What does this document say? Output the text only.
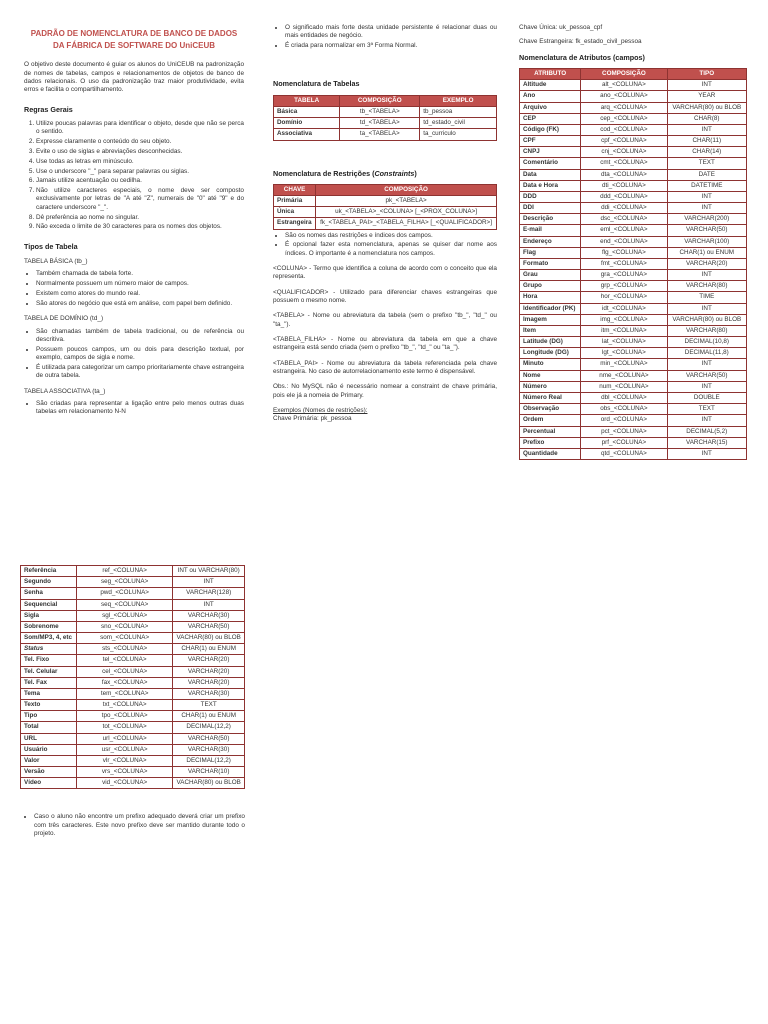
PADRÃO DE NOMENCLATURA DE BANCO DE DADOS
DA FÁBRICA DE SOFTWARE DO UniCEUB

O objetivo deste documento é guiar os alunos do UniCEUB na padronização de nomes de tabelas, campos e relacionamentos de objetos de banco de dados relacionais. O uso da padronização traz maior produtividade, evita erros e facilita o compartilhamento.

Regras Gerais
1. Utilize poucas palavras para identificar o objeto, desde que não se perca o sentido.
2. Expresse claramente o conteúdo do seu objeto.
3. Evite o uso de siglas e abreviações desconhecidas.
4. Use todas as letras em minúsculo.
5. Use o underscore "_" para separar palavras ou siglas.
6. Jamais utilize acentuação ou cedilha.
7. Não utilize caracteres especiais, o nome deve ser composto exclusivamente por letras de "A até "Z", numerais de "0" até "9" e do caractere underscore "_".
8. Dê preferência ao nome no singular.
9. Não exceda o limite de 30 caracteres para os nomes dos objetos.
Tipos de Tabela
TABELA BÁSICA (tb_)
• Também chamada de tabela forte.
• Normalmente possuem um número maior de campos.
• Existem como atores do mundo real.
• São atores do negócio que está em análise, com papel bem definido.
TABELA DE DOMÍNIO (td_)
• São chamadas também de tabela tradicional, ou de referência ou descritiva.
• Possuem poucos campos, um ou dois para descrição textual, por exemplo, campos de sigla e nome.
• É utilizada para categorizar um campo prioritariamente chave estrangeira de outra tabela.
TABELA ASSOCIATIVA (ta_)
• São criadas para representar a ligação entre pelo menos outras duas tabelas em relacionamento N-N
• O significado mais forte desta unidade persistente é relacionar duas ou mais entidades de negócio.
• É criada para normalizar em 3ª Forma Normal.
Nomenclatura de Tabelas
TABELA	COMPOSIÇÃO	EXEMPLO
Básica	tb_<TABELA>	tb_pessoa
Domínio	td_<TABELA>	td_estado_civil
Associativa	ta_<TABELA>	ta_curriculo
Nomenclatura de Restrições (Constraints)
CHAVE	COMPOSIÇÃO
Primária	pk_<TABELA>
Única	uk_<TABELA>_<COLUNA> [_<PROX_COLUNA>]
Estrangeira	fk_<TABELA_PAI>_<TABELA_FILHA> [_<QUALIFICADOR>]
• São os nomes das restrições e índices dos campos.
• É opcional fazer esta nomenclatura, apenas se quiser dar nome aos índices. O importante é a nomenclatura nos campos.

<COLUNA> - Termo que identifica a coluna de acordo com o conceito que ela representa.

<QUALIFICADOR> - Utilizado para diferenciar chaves estrangeiras que possuem o mesmo nome.

<TABELA> - Nome ou abreviatura da tabela (sem o prefixo "tb_", "td_" ou "ta_").

<TABELA_FILHA> - Nome ou abreviatura da tabela em que a chave estrangeira está sendo criada (sem o prefixo "tb_", "td_" ou "ta_").

<TABELA_PAI> - Nome ou abreviatura da tabela referenciada pela chave estrangeira. No caso de autorrelacionamento este termo é dispensável.

Obs.: No MySQL não é necessário nomear a constraint de chave primária, pois ele já a nomeia de Primary.

Exemplos (Nomes de restrições):
Chave Primária: pk_pessoa
Chave Única: uk_pessoa_cpf
Chave Estrangeira: fk_estado_civil_pessoa
Nomenclatura de Atributos (campos)
ATRIBUTO	COMPOSIÇÃO	TIPO
Altitude	alt_<COLUNA>	INT
Ano	ano_<COLUNA>	YEAR
Arquivo	arq_<COLUNA>	VARCHAR(80) ou BLOB
CEP	cep_<COLUNA>	CHAR(8)
Código (FK)	cod_<COLUNA>	INT
CPF	cpf_<COLUNA>	CHAR(11)
CNPJ	cnj_<COLUNA>	CHAR(14)
Comentário	cmt_<COLUNA>	TEXT
Data	dta_<COLUNA>	DATE
Data e Hora	dti_<COLUNA>	DATETIME
DDD	ddd_<COLUNA>	INT
DDI	ddi_<COLUNA>	INT
Descrição	dsc_<COLUNA>	VARCHAR(200)
E-mail	eml_<COLUNA>	VARCHAR(50)
Endereço	end_<COLUNA>	VARCHAR(100)
Flag	flg_<COLUNA>	CHAR(1) ou ENUM
Formato	fmt_<COLUNA>	VARCHAR(20)
Grau	gra_<COLUNA>	INT
Grupo	grp_<COLUNA>	VARCHAR(80)
Hora	hor_<COLUNA>	TIME
Identificador (PK)	idt_<COLUNA>	INT
Imagem	img_<COLUNA>	VARCHAR(80) ou BLOB
Item	itm_<COLUNA>	VARCHAR(80)
Latitude (DG)	lat_<COLUNA>	DECIMAL(10,8)
Longitude (DG)	lgt_<COLUNA>	DECIMAL(11,8)
Minuto	min_<COLUNA>	INT
Nome	nme_<COLUNA>	VARCHAR(50)
Número	num_<COLUNA>	INT
Número Real	dbl_<COLUNA>	DOUBLE
Observação	obs_<COLUNA>	TEXT
Ordem	ord_<COLUNA>	INT
Percentual	pct_<COLUNA>	DECIMAL(5,2)
Prefixo	prf_<COLUNA>	VARCHAR(15)
Quantidade	qtd_<COLUNA>	INT
Referência	ref_<COLUNA>	INT ou VARCHAR(80)
Segundo	seg_<COLUNA>	INT
Senha	pwd_<COLUNA>	VARCHAR(128)
Sequencial	seq_<COLUNA>	INT
Sigla	sgl_<COLUNA>	VARCHAR(30)
Sobrenome	sno_<COLUNA>	VARCHAR(50)
Som/MP3, 4, etc	som_<COLUNA>	VACHAR(80) ou BLOB
Status	sts_<COLUNA>	CHAR(1) ou ENUM
Tel. Fixo	tel_<COLUNA>	VARCHAR(20)
Tel. Celular	cel_<COLUNA>	VARCHAR(20)
Tel. Fax	fax_<COLUNA>	VARCHAR(20)
Tema	tem_<COLUNA>	VARCHAR(30)
Texto	txt_<COLUNA>	TEXT
Tipo	tpo_<COLUNA>	CHAR(1) ou ENUM
Total	tot_<COLUNA>	DECIMAL(12,2)
URL	url_<COLUNA>	VARCHAR(50)
Usuário	usr_<COLUNA>	VARCHAR(30)
Valor	vlr_<COLUNA>	DECIMAL(12,2)
Versão	vrs_<COLUNA>	VARCHAR(10)
Vídeo	vid_<COLUNA>	VACHAR(80) ou BLOB
• Caso o aluno não encontre um prefixo adequado deverá criar um prefixo com três caracteres. Este novo prefixo deve ser mantido durante todo o projeto.
